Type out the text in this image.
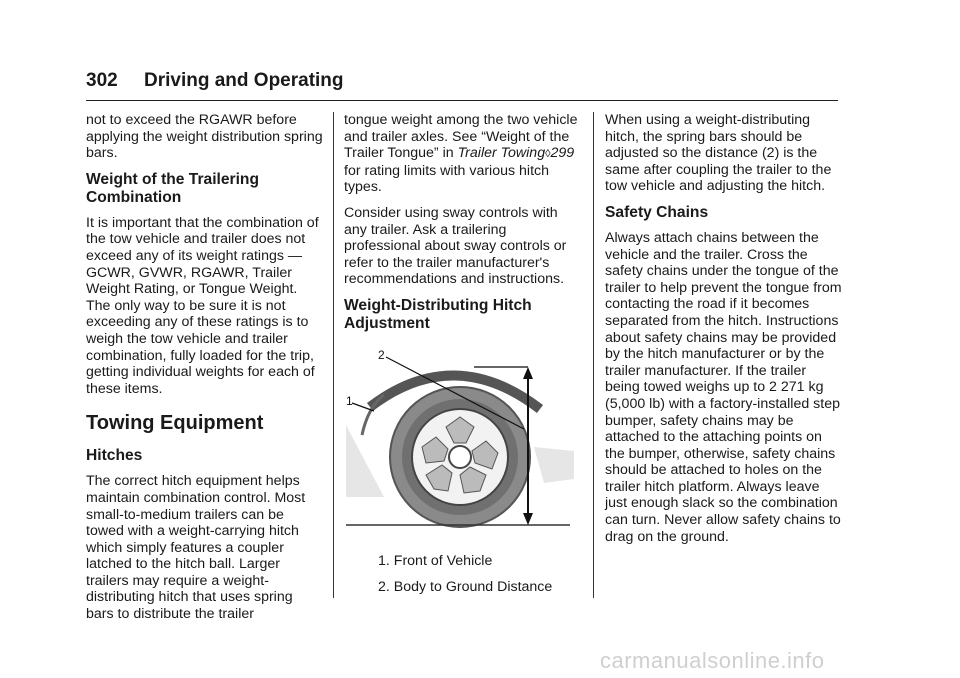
302 Driving and Operating

not to exceed the RGAWR before applying the weight distribution spring bars.

Weight of the Trailering Combination

It is important that the combination of the tow vehicle and trailer does not exceed any of its weight ratings — GCWR, GVWR, RGAWR, Trailer Weight Rating, or Tongue Weight. The only way to be sure it is not exceeding any of these ratings is to weigh the tow vehicle and trailer combination, fully loaded for the trip, getting individual weights for each of these items.

Towing Equipment
Hitches

The correct hitch equipment helps maintain combination control. Most small-to-medium trailers can be towed with a weight-carrying hitch which simply features a coupler latched to the hitch ball. Larger trailers may require a weight-distributing hitch that uses spring bars to distribute the trailer

tongue weight among the two vehicle and trailer axles. See “Weight of the Trailer Tongue” in Trailer Towing◊299 for rating limits with various hitch types.

Consider using sway controls with any trailer. Ask a trailering professional about sway controls or refer to the trailer manufacturer's recommendations and instructions.

Weight-Distributing Hitch Adjustment
2
1
1. Front of Vehicle
2. Body to Ground Distance

When using a weight-distributing hitch, the spring bars should be adjusted so the distance (2) is the same after coupling the trailer to the tow vehicle and adjusting the hitch.

Safety Chains

Always attach chains between the vehicle and the trailer. Cross the safety chains under the tongue of the trailer to help prevent the tongue from contacting the road if it becomes separated from the hitch. Instructions about safety chains may be provided by the hitch manufacturer or by the trailer manufacturer. If the trailer being towed weighs up to 2 271 kg (5,000 lb) with a factory-installed step bumper, safety chains may be attached to the attaching points on the bumper, otherwise, safety chains should be attached to holes on the trailer hitch platform. Always leave just enough slack so the combination can turn. Never allow safety chains to drag on the ground.

carmanualsonline.info
